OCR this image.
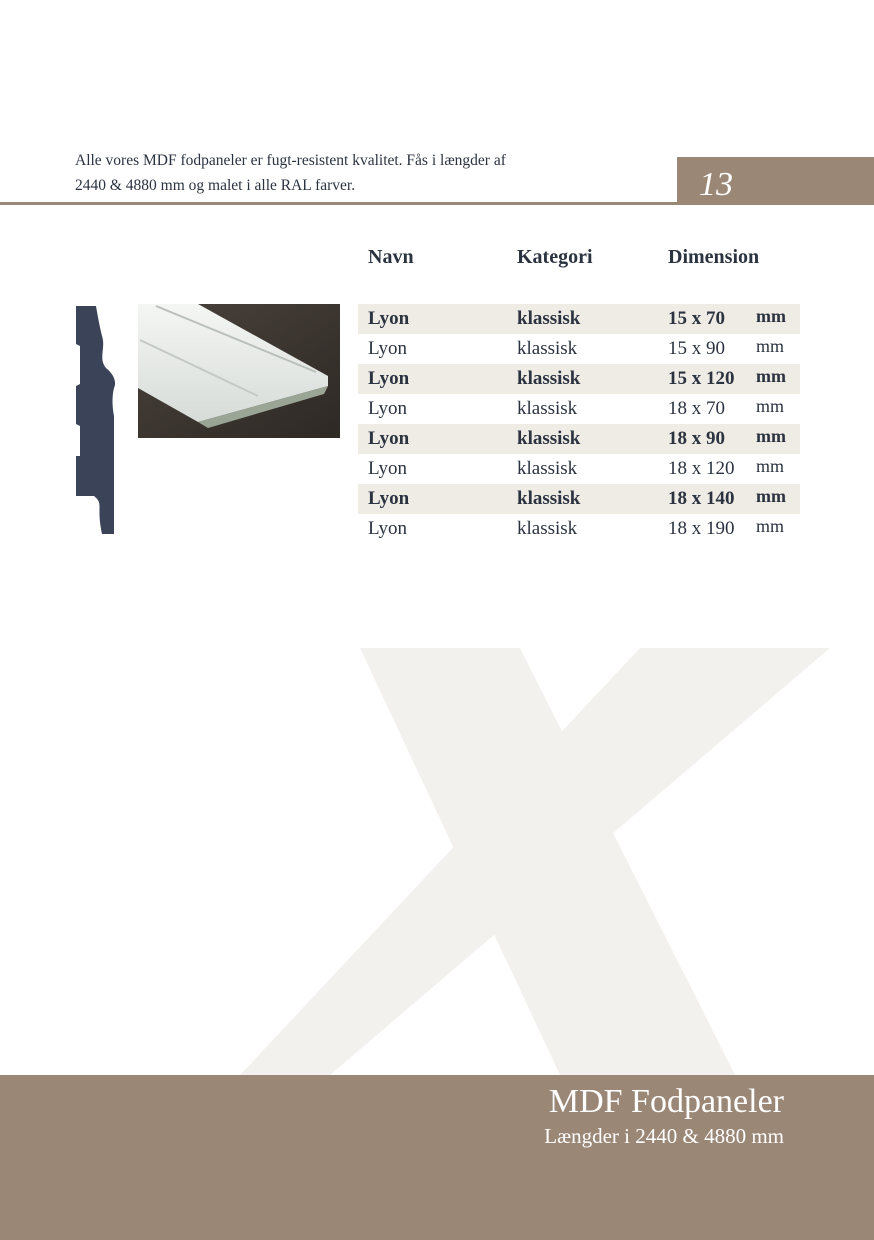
Alle vores MDF fodpaneler er fugt-resistent kvalitet. Fås i længder af
2440 & 4880 mm og malet i alle RAL farver.	13
Navn	Kategori	Dimension
Lyon	klassisk	15 x 70 mm
Lyon	klassisk	15 x 90 mm
Lyon	klassisk	15 x 120 mm
Lyon	klassisk	18 x 70 mm
Lyon	klassisk	18 x 90 mm
Lyon	klassisk	18 x 120 mm
Lyon	klassisk	18 x 140 mm
Lyon	klassisk	18 x 190 mm
MDF Fodpaneler
Længder i 2440 & 4880 mm
